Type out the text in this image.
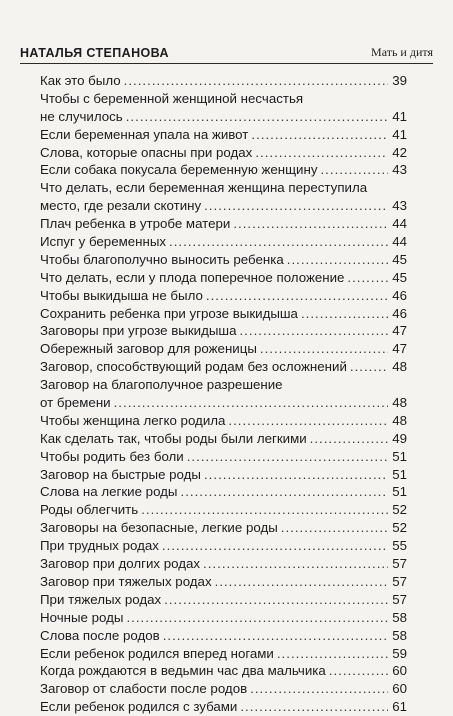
НАТАЛЬЯ СТЕПАНОВА	Мать и дитя
Как это было .....	39
Чтобы с беременной женщиной несчастья
не случилось .....	41
Если беременная упала на живот .....	41
Слова, которые опасны при родах .....	42
Если собака покусала беременную женщину .....	43
Что делать, если беременная женщина переступила
место, где резали скотину .....	43
Плач ребенка в утробе матери .....	44
Испуг у беременных .....	44
Чтобы благополучно выносить ребенка .....	45
Что делать, если у плода поперечное положение .....	45
Чтобы выкидыша не было .....	46
Сохранить ребенка при угрозе выкидыша .....	46
Заговоры при угрозе выкидыша .....	47
Обережный заговор для роженицы .....	47
Заговор, способствующий родам без осложнений .....	48
Заговор на благополучное разрешение
от бремени .....	48
Чтобы женщина легко родила .....	48
Как сделать так, чтобы роды были легкими .....	49
Чтобы родить без боли .....	51
Заговор на быстрые роды .....	51
Слова на легкие роды .....	51
Роды облегчить .....	52
Заговоры на безопасные, легкие роды .....	52
При трудных родах .....	55
Заговор при долгих родах .....	57
Заговор при тяжелых родах .....	57
При тяжелых родах .....	57
Ночные роды .....	58
Слова после родов .....	58
Если ребенок родился вперед ногами .....	59
Когда рождаются в ведьмин час два мальчика .....	60
Заговор от слабости после родов .....	60
Если ребенок родился с зубами .....	61
